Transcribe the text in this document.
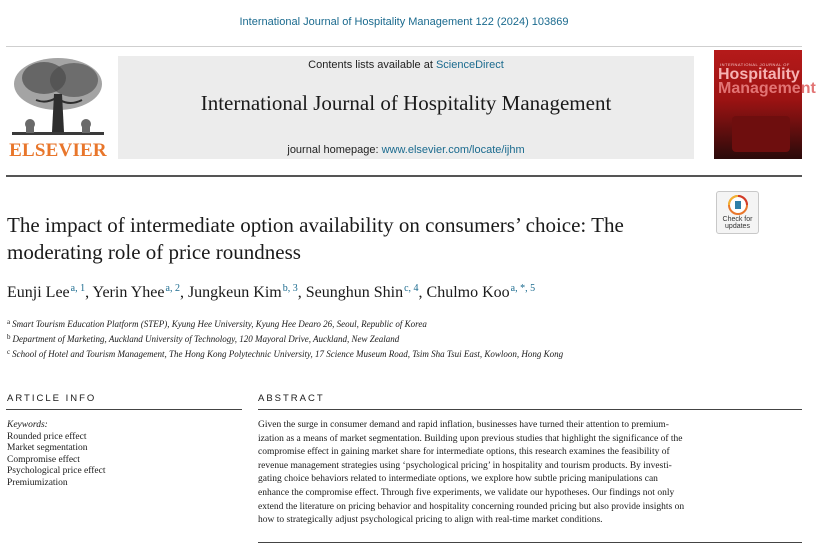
International Journal of Hospitality Management 122 (2024) 103869
ELSEVIER
Contents lists available at ScienceDirect
International Journal of Hospitality Management
journal homepage: www.elsevier.com/locate/ijhm
INTERNATIONAL JOURNAL OF
Hospitality
Management
Check for
updates
The impact of intermediate option availability on consumers’ choice: The
moderating role of price roundness
Eunji Lee$^{a, 1}$, Yerin Yhee$^{a, 2}$, Jungkeun Kim$^{b, 3}$, Seunghun Shin$^{c, 4}$, Chulmo Koo$^{a, *, 5}$
$^a$ Smart Tourism Education Platform (STEP), Kyung Hee University, Kyung Hee Dearo 26, Seoul, Republic of Korea
$^b$ Department of Marketing, Auckland University of Technology, 120 Mayoral Drive, Auckland, New Zealand
$^c$ School of Hotel and Tourism Management, The Hong Kong Polytechnic University, 17 Science Museum Road, Tsim Sha Tsui East, Kowloon, Hong Kong
ARTICLE INFO
Keywords:
Rounded price effect
Market segmentation
Compromise effect
Psychological price effect
Premiumization
ABSTRACT
Given the surge in consumer demand and rapid inflation, businesses have turned their attention to premium-
ization as a means of market segmentation. Building upon previous studies that highlight the significance of the
compromise effect in gaining market share for intermediate options, this research examines the feasibility of
revenue management strategies using ‘psychological pricing’ in hospitality and tourism products. By investi-
gating choice behaviors related to intermediate options, we explore how subtle pricing manipulations can
enhance the compromise effect. Through five experiments, we validate our hypotheses. Our findings not only
extend the literature on pricing behavior and hospitality concerning rounded pricing but also provide insights on
how to strategically adjust psychological pricing to align with real-time market conditions.
